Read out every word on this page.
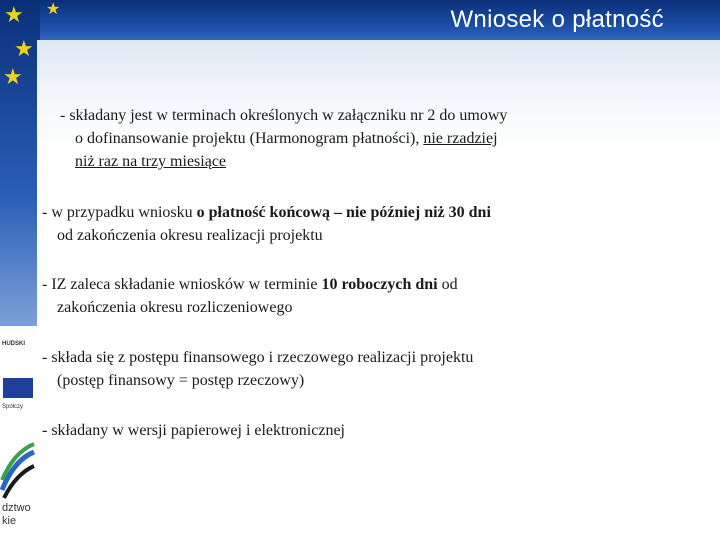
★
★
★
★	Wniosek o płatność
- składany jest w terminach określonych w załączniku nr 2 do umowy
o dofinansowanie projektu (Harmonogram płatności), nie rzadziej
niż raz na trzy miesiące
- w przypadku wniosku o płatność końcową – nie później niż 30 dni
od zakończenia okresu realizacji projektu
- IZ zaleca składanie wniosków w terminie 10 roboczych dni od
zakończenia okresu rozliczeniowego
- składa się z postępu finansowego i rzeczowego realizacji projektu
(postęp finansowy = postęp rzeczowy)
- składany w wersji papierowej i elektronicznej
HUDSKI
Spółczy
dztwo
kie
